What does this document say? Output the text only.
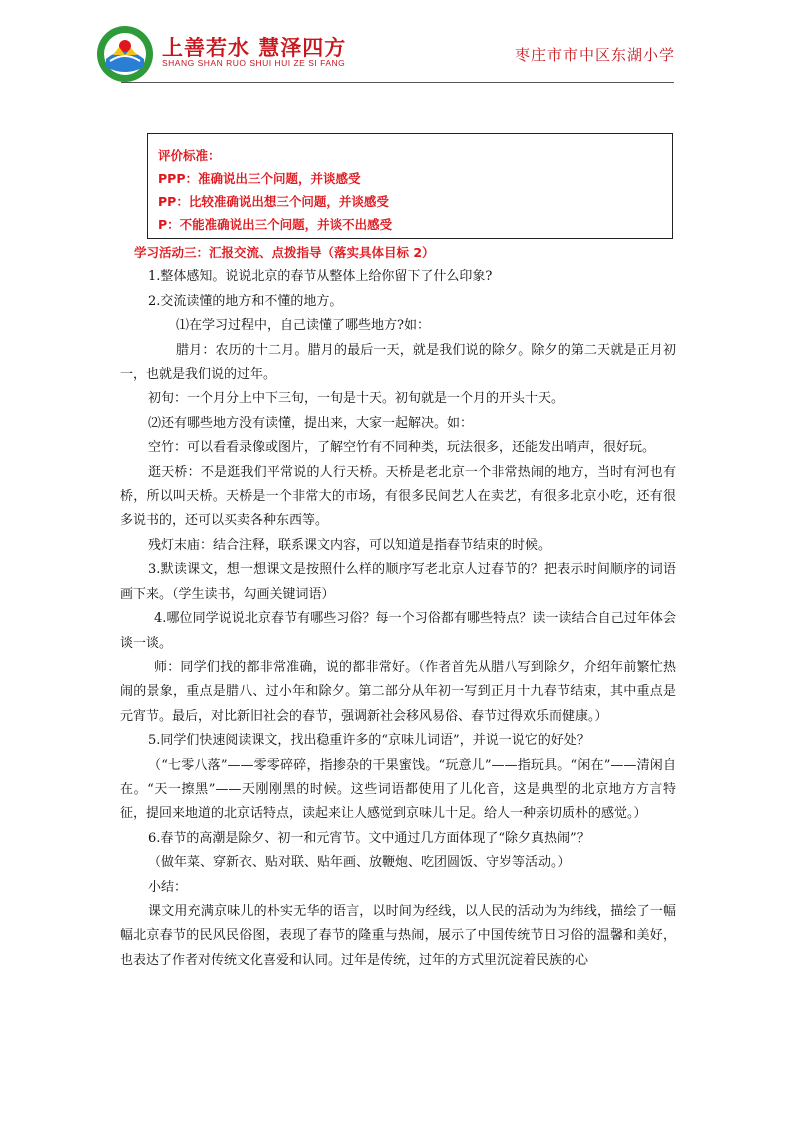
上善若水 慧泽四方
SHANG SHAN RUO SHUI HUI ZE SI FANG	枣庄市市中区东湖小学
评价标准：
PPP：准确说出三个问题，并谈感受
PP：比较准确说出想三个问题，并谈感受
P：不能准确说出三个问题，并谈不出感受

学习活动三：汇报交流、点拨指导（落实具体目标 2）

1.整体感知。说说北京的春节从整体上给你留下了什么印象?

2.交流读懂的地方和不懂的地方。

⑴在学习过程中，自己读懂了哪些地方?如：

腊月：农历的十二月。腊月的最后一天，就是我们说的除夕。除夕的第二天就是正月初一，也就是我们说的过年。

初旬：一个月分上中下三旬，一旬是十天。初旬就是一个月的开头十天。

⑵还有哪些地方没有读懂，提出来，大家一起解决。如：

空竹：可以看看录像或图片，了解空竹有不同种类，玩法很多，还能发出哨声，很好玩。

逛天桥：不是逛我们平常说的人行天桥。天桥是老北京一个非常热闹的地方，当时有河也有桥，所以叫天桥。天桥是一个非常大的市场，有很多民间艺人在卖艺，有很多北京小吃，还有很多说书的，还可以买卖各种东西等。

残灯末庙：结合注释，联系课文内容，可以知道是指春节结束的时候。

3.默读课文，想一想课文是按照什么样的顺序写老北京人过春节的？把表示时间顺序的词语画下来。（学生读书，勾画关键词语）

4.哪位同学说说北京春节有哪些习俗？每一个习俗都有哪些特点？读一读结合自己过年体会谈一谈。

师：同学们找的都非常准确，说的都非常好。（作者首先从腊八写到除夕，介绍年前繁忙热闹的景象，重点是腊八、过小年和除夕。第二部分从年初一写到正月十九春节结束，其中重点是元宵节。最后，对比新旧社会的春节，强调新社会移风易俗、春节过得欢乐而健康。）

5.同学们快速阅读课文，找出稳重许多的“京味儿词语”，并说一说它的好处？

（“七零八落”——零零碎碎，指掺杂的干果蜜饯。“玩意儿”——指玩具。“闲在”——清闲自在。“天一擦黑”——天刚刚黑的时候。这些词语都使用了儿化音，这是典型的北京地方方言特征，提回来地道的北京话特点，读起来让人感觉到京味儿十足。给人一种亲切质朴的感觉。）

6.春节的高潮是除夕、初一和元宵节。文中通过几方面体现了“除夕真热闹”？

（做年菜、穿新衣、贴对联、贴年画、放鞭炮、吃团圆饭、守岁等活动。）

小结：

课文用充满京味儿的朴实无华的语言，以时间为经线，以人民的活动为为纬线，描绘了一幅幅北京春节的民风民俗图，表现了春节的隆重与热闹，展示了中国传统节日习俗的温馨和美好，也表达了作者对传统文化喜爱和认同。过年是传统，过年的方式里沉淀着民族的心
